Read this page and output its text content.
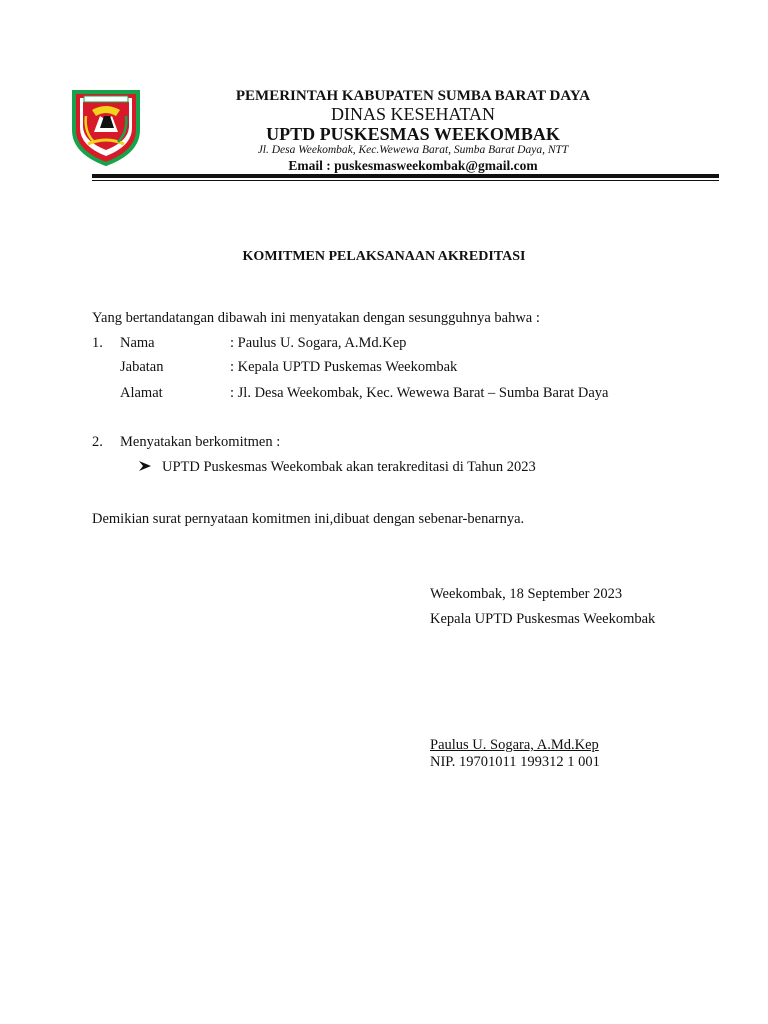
PEMERINTAH KABUPATEN SUMBA BARAT DAYA
DINAS KESEHATAN
UPTD PUSKESMAS WEEKOMBAK
Jl. Desa Weekombak, Kec.Wewewa Barat, Sumba Barat Daya, NTT
Email : puskesmasweekombak@gmail.com
KOMITMEN PELAKSANAAN AKREDITASI
Yang bertandatangan dibawah ini menyatakan dengan sesungguhnya bahwa :
1. Nama	: Paulus U. Sogara, A.Md.Kep
Jabatan	: Kepala UPTD Puskemas Weekombak
Alamat	: Jl. Desa Weekombak, Kec. Wewewa Barat – Sumba Barat Daya
2. Menyatakan berkomitmen :
UPTD Puskesmas Weekombak akan terakreditasi di Tahun 2023
Demikian surat pernyataan komitmen ini,dibuat dengan sebenar-benarnya.
Weekombak, 18 September 2023
Kepala UPTD Puskesmas Weekombak
Paulus U. Sogara, A.Md.Kep
NIP. 19701011 199312 1 001
